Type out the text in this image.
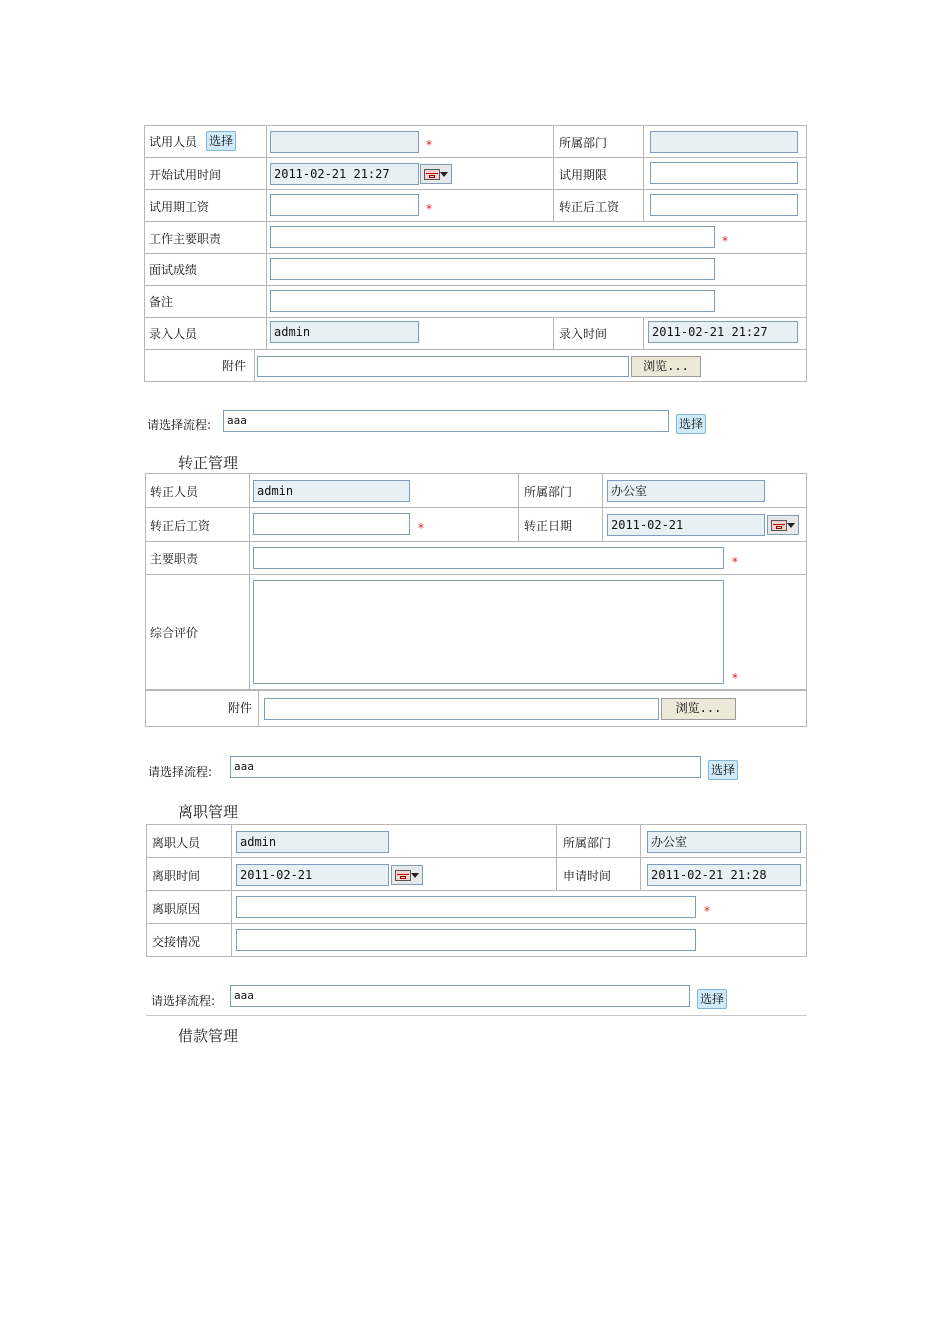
试用人员 选择	*	所属部门
开始试用时间	2011-02-21 21:27	试用期限
试用期工资	*	转正后工资
工作主要职责	*
面试成绩
备注
录入人员	admin	录入时间	2011-02-21 21:27

附件	浏览...
请选择流程:	aaa	选择
转正管理

转正人员	admin	所属部门	办公室
转正后工资	*	转正日期	2011-02-21
主要职责	*
综合评价
*

附件	浏览...
请选择流程:	aaa	选择
离职管理

离职人员	admin	所属部门	办公室
离职时间	2011-02-21	申请时间	2011-02-21 21:28
离职原因	*
交接情况
请选择流程:	aaa	选择
借款管理
